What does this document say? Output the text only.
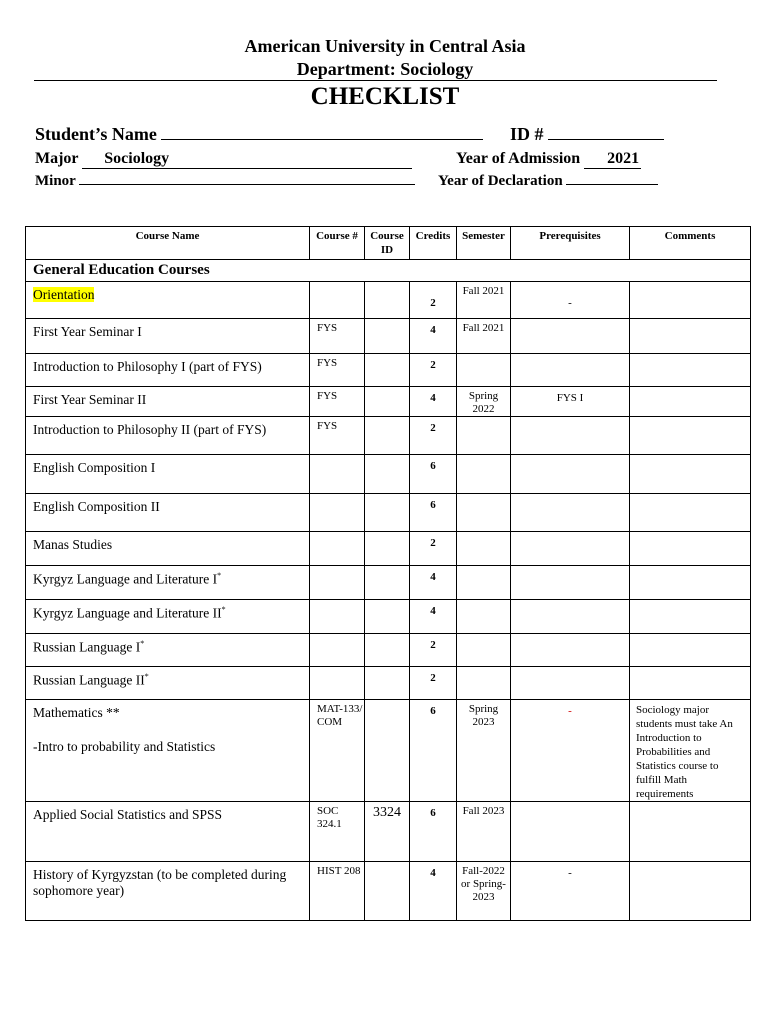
American University in Central Asia
Department: Sociology
CHECKLIST
Student’s Name	ID #
Major Sociology	Year of Admission 2021
Minor	Year of Declaration
Course Name	Course #	Course ID	Credits	Semester	Prerequisites	Comments
General Education Courses						
Orientation			2	Fall 2021	-	
First Year Seminar I	FYS		4	Fall 2021		
Introduction to Philosophy I (part of FYS)	FYS		2			
First Year Seminar II	FYS		4	Spring 2022	FYS I	
Introduction to Philosophy II (part of FYS)	FYS		2			
English Composition I			6			
English Composition II			6			
Manas Studies			2			
Kyrgyz Language and Literature I*			4			
Kyrgyz Language and Literature II*			4			
Russian Language I*			2			
Russian Language II*			2			
Mathematics **
-Intro to probability and Statistics	MAT-133/ COM		6	Spring 2023	-	Sociology major students must take An Introduction to Probabilities and Statistics course to fulfill Math requirements
Applied Social Statistics and SPSS	SOC 324.1	3324	6	Fall 2023		
History of Kyrgyzstan (to be completed during sophomore year)	HIST 208		4	Fall-2022 or Spring-2023	-	
